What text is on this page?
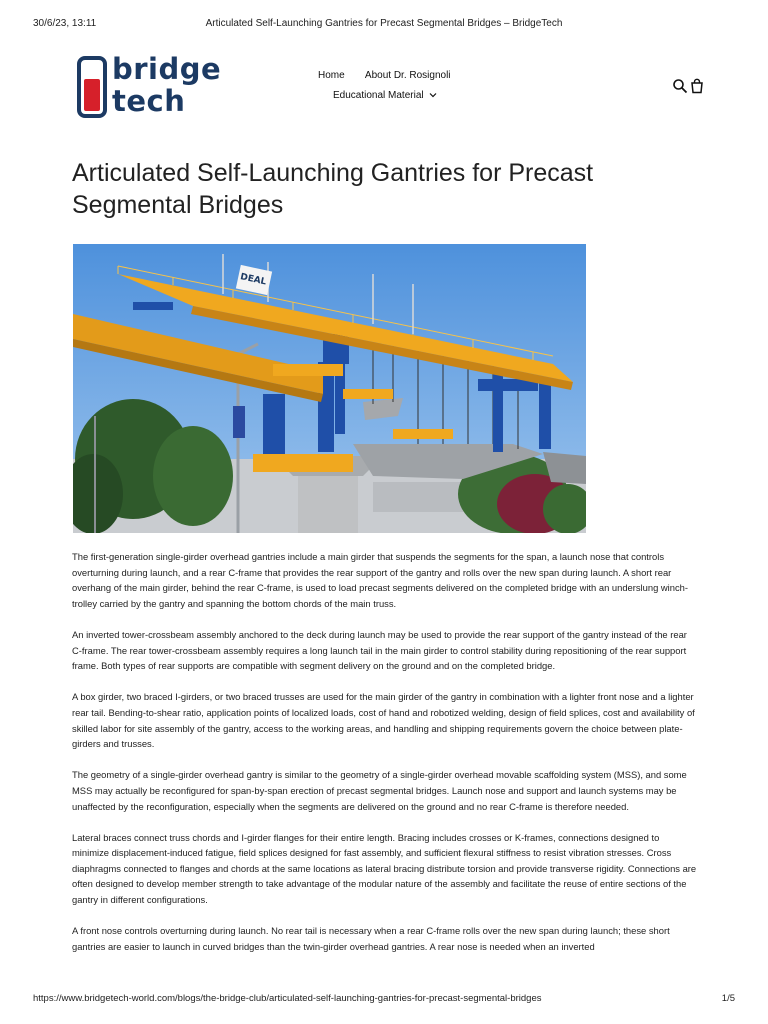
30/6/23, 13:11	Articulated Self-Launching Gantries for Precast Segmental Bridges – BridgeTech
bridge
tech
Home About Dr. Rosignoli
Educational Material
Articulated Self-Launching Gantries for Precast Segmental Bridges
DEAL

The first-generation single-girder overhead gantries include a main girder that suspends the segments for the span, a launch nose that controls overturning during launch, and a rear C-frame that provides the rear support of the gantry and rolls over the new span during launch. A short rear overhang of the main girder, behind the rear C-frame, is used to load precast segments delivered on the completed bridge with an underslung winch-trolley carried by the gantry and spanning the bottom chords of the main truss.

An inverted tower-crossbeam assembly anchored to the deck during launch may be used to provide the rear support of the gantry instead of the rear C-frame. The rear tower-crossbeam assembly requires a long launch tail in the main girder to control stability during repositioning of the rear support frame. Both types of rear supports are compatible with segment delivery on the ground and on the completed bridge.

A box girder, two braced I-girders, or two braced trusses are used for the main girder of the gantry in combination with a lighter front nose and a lighter rear tail. Bending-to-shear ratio, application points of localized loads, cost of hand and robotized welding, design of field splices, cost and availability of skilled labor for site assembly of the gantry, access to the working areas, and handling and shipping requirements govern the choice between plate-girders and trusses.

The geometry of a single-girder overhead gantry is similar to the geometry of a single-girder overhead movable scaffolding system (MSS), and some MSS may actually be reconfigured for span-by-span erection of precast segmental bridges. Launch nose and support and launch systems may be unaffected by the reconfiguration, especially when the segments are delivered on the ground and no rear C-frame is therefore needed.

Lateral braces connect truss chords and I-girder flanges for their entire length. Bracing includes crosses or K-frames, connections designed to minimize displacement-induced fatigue, field splices designed for fast assembly, and sufficient flexural stiffness to resist vibration stresses. Cross diaphragms connected to flanges and chords at the same locations as lateral bracing distribute torsion and provide transverse rigidity. Connections are often designed to develop member strength to take advantage of the modular nature of the assembly and facilitate the reuse of entire sections of the gantry in different configurations.

A front nose controls overturning during launch. No rear tail is necessary when a rear C-frame rolls over the new span during launch; these short gantries are easier to launch in curved bridges than the twin-girder overhead gantries. A rear nose is needed when an inverted

https://www.bridgetech-world.com/blogs/the-bridge-club/articulated-self-launching-gantries-for-precast-segmental-bridges	1/5
